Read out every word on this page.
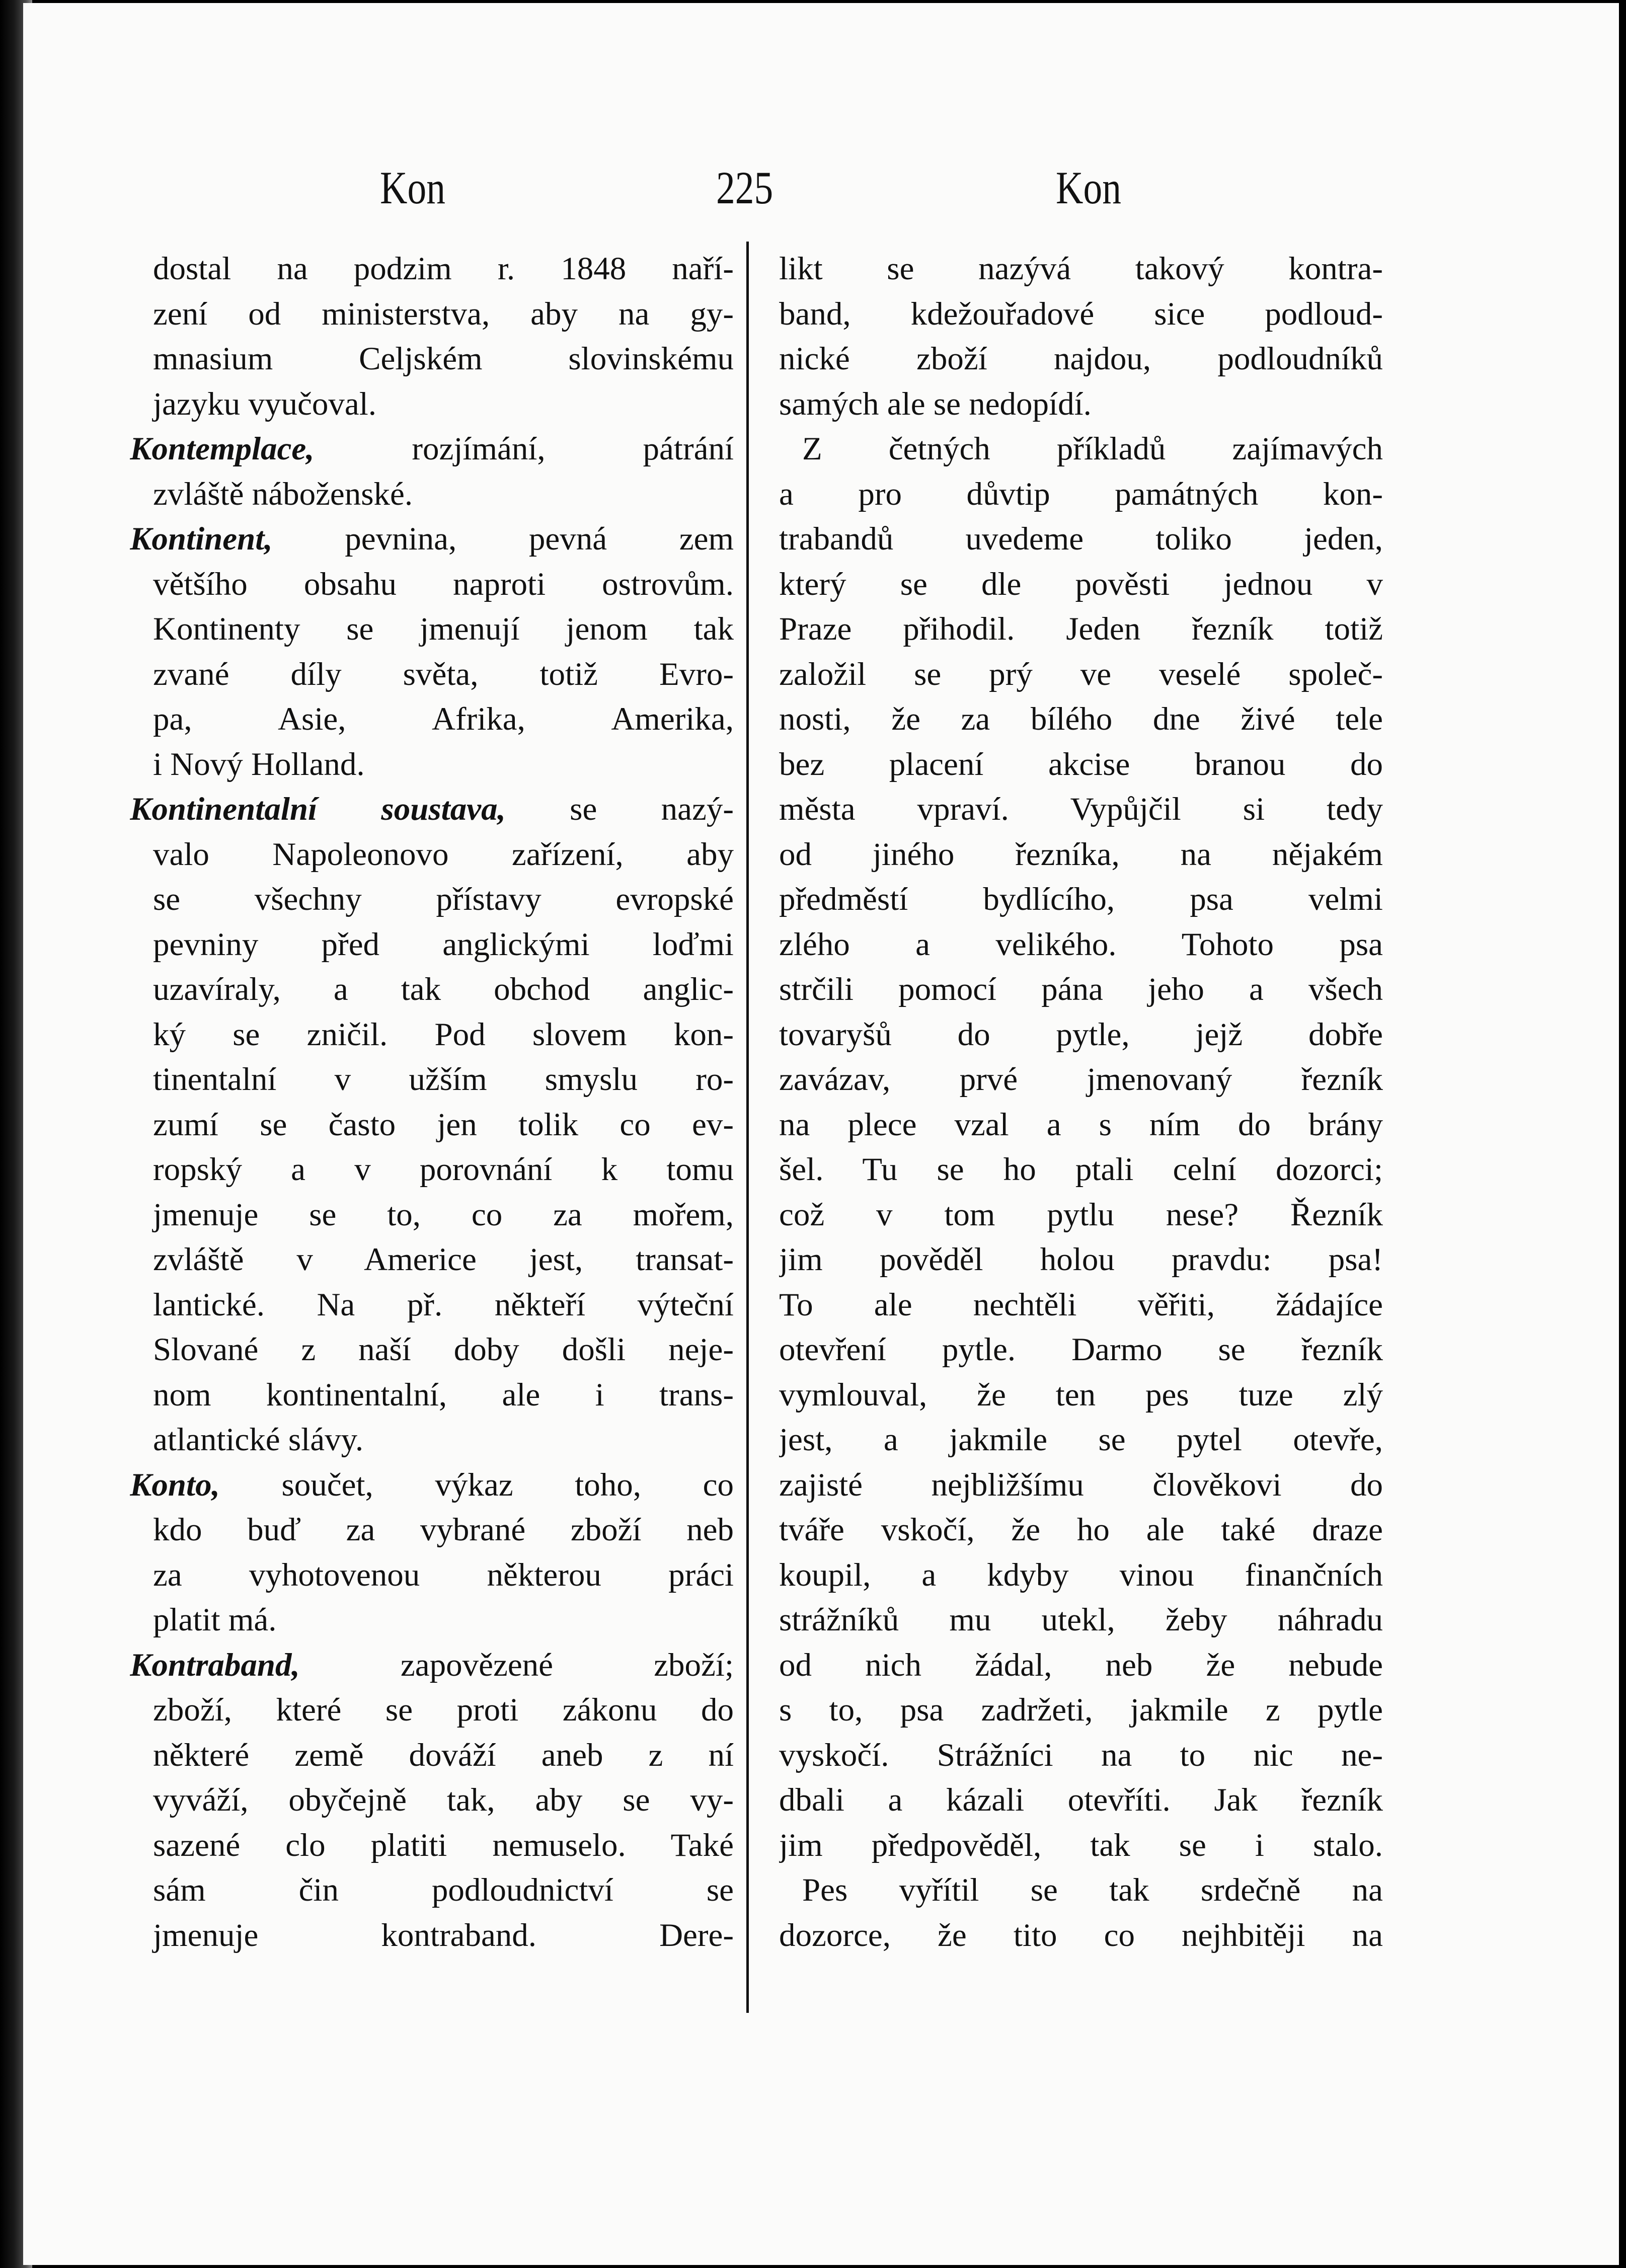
Kon	225	Kon
dostal na podzim r. 1848 naří-
zení od ministerstva, aby na gy-
mnasium Celjském slovinskému
jazyku vyučoval.
Kontemplace, rozjímání, pátrání
zvláště náboženské.
Kontinent, pevnina, pevná zem
většího obsahu naproti ostrovům.
Kontinenty se jmenují jenom tak
zvané díly světa, totiž Evro-
pa, Asie, Afrika, Amerika,
i Nový Holland.
Kontinentalní soustava, se nazý-
valo Napoleonovo zařízení, aby
se všechny přístavy evropské
pevniny před anglickými loďmi
uzavíraly, a tak obchod anglic-
ký se zničil. Pod slovem kon-
tinentalní v užším smyslu ro-
zumí se často jen tolik co ev-
ropský a v porovnání k tomu
jmenuje se to, co za mořem,
zvláště v Americe jest, transat-
lantické. Na př. někteří výteční
Slované z naší doby došli neje-
nom kontinentalní, ale i trans-
atlantické slávy.
Konto, součet, výkaz toho, co
kdo buď za vybrané zboží neb
za vyhotovenou některou práci
platit má.
Kontraband, zapovězené zboží;
zboží, které se proti zákonu do
některé země dováží aneb z ní
vyváží, obyčejně tak, aby se vy-
sazené clo platiti nemuselo. Také
sám čin podloudnictví se
jmenuje kontraband. Dere-
likt se nazývá takový kontra-
band, kdežouřadové sice podloud-
nické zboží najdou, podloudníků
samých ale se nedopídí.
Z četných příkladů zajímavých
a pro důvtip památných kon-
trabandů uvedeme toliko jeden,
který se dle pověsti jednou v
Praze přihodil. Jeden řezník totiž
založil se prý ve veselé společ-
nosti, že za bílého dne živé tele
bez placení akcise branou do
města vpraví. Vypůjčil si tedy
od jiného řezníka, na nějakém
předměstí bydlícího, psa velmi
zlého a velikého. Tohoto psa
strčili pomocí pána jeho a všech
tovaryšů do pytle, jejž dobře
zavázav, prvé jmenovaný řezník
na plece vzal a s ním do brány
šel. Tu se ho ptali celní dozorci;
což v tom pytlu nese? Řezník
jim pověděl holou pravdu: psa!
To ale nechtěli věřiti, žádajíce
otevření pytle. Darmo se řezník
vymlouval, že ten pes tuze zlý
jest, a jakmile se pytel otevře,
zajisté nejbližšímu člověkovi do
tváře vskočí, že ho ale také draze
koupil, a kdyby vinou finančních
strážníků mu utekl, žeby náhradu
od nich žádal, neb že nebude
s to, psa zadržeti, jakmile z pytle
vyskočí. Strážníci na to nic ne-
dbali a kázali otevříti. Jak řezník
jim předpověděl, tak se i stalo.
Pes vyřítil se tak srdečně na
dozorce, že tito co nejhbitěji na
